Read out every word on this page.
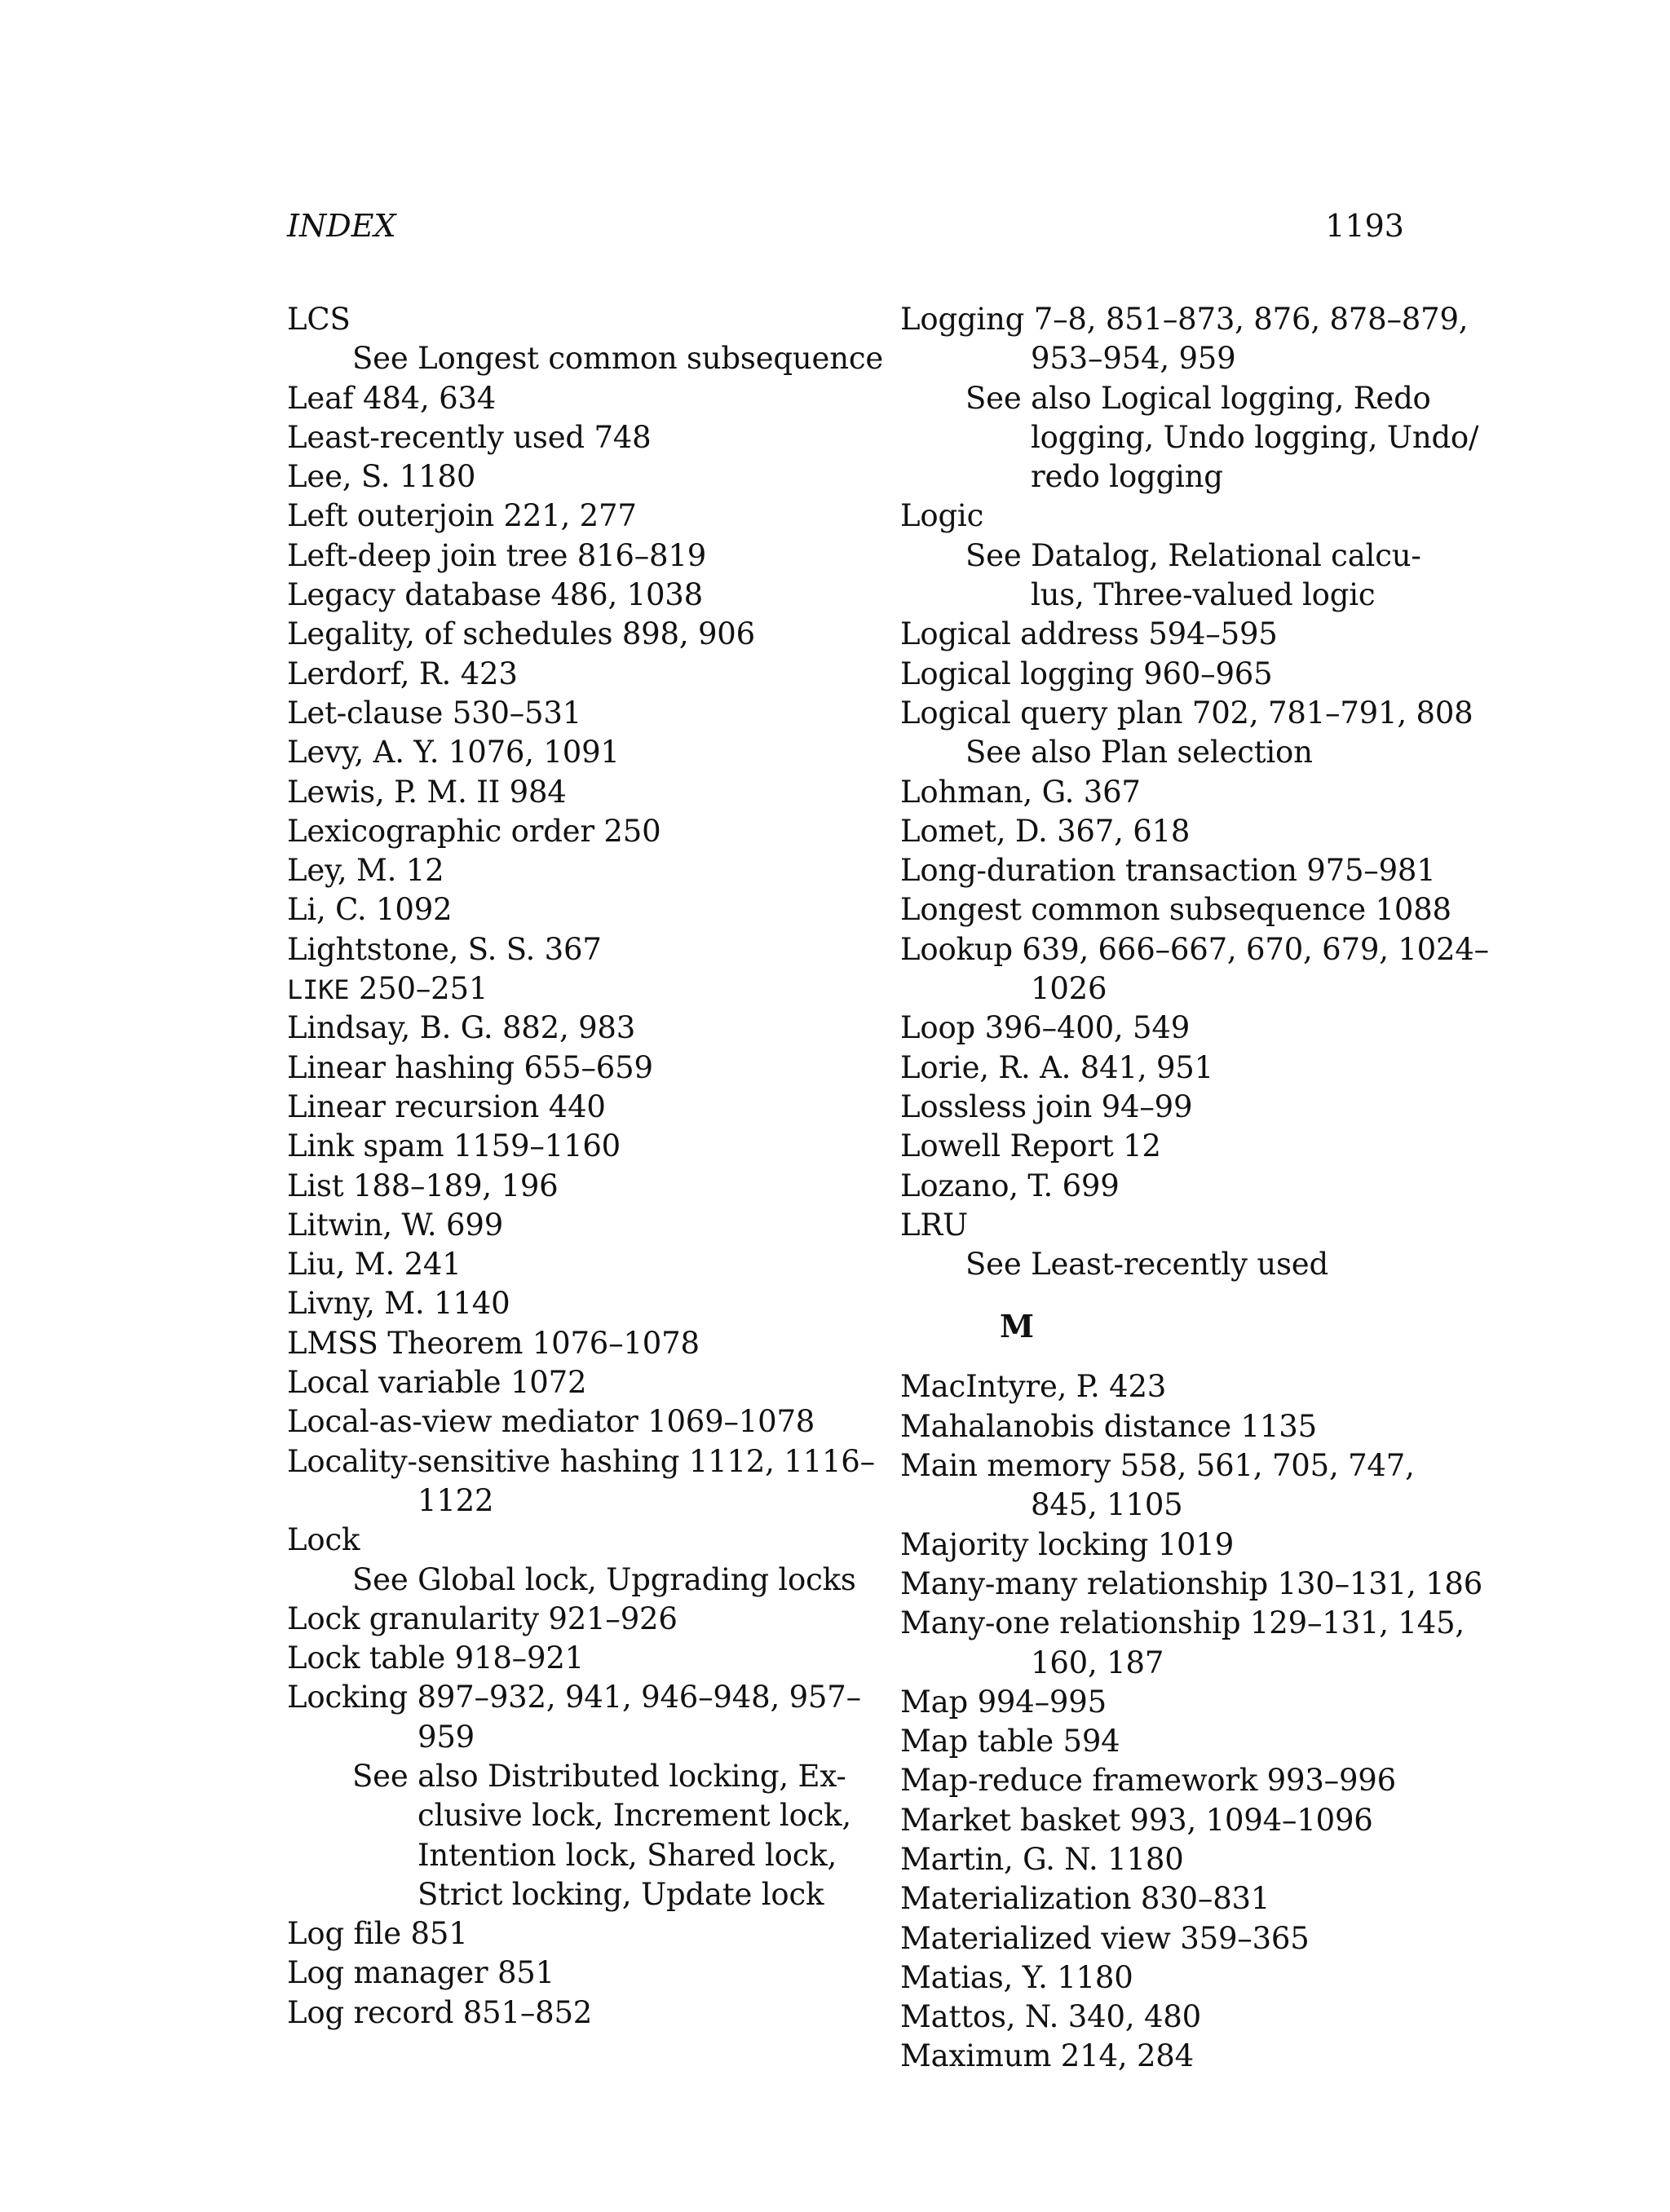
INDEX	1193
LCS
See Longest common subsequence
Leaf 484, 634
Least-recently used 748
Lee, S. 1180
Left outerjoin 221, 277
Left-deep join tree 816–819
Legacy database 486, 1038
Legality, of schedules 898, 906
Lerdorf, R. 423
Let-clause 530–531
Levy, A. Y. 1076, 1091
Lewis, P. M. II 984
Lexicographic order 250
Ley, M. 12
Li, C. 1092
Lightstone, S. S. 367
LIKE 250–251
Lindsay, B. G. 882, 983
Linear hashing 655–659
Linear recursion 440
Link spam 1159–1160
List 188–189, 196
Litwin, W. 699
Liu, M. 241
Livny, M. 1140
LMSS Theorem 1076–1078
Local variable 1072
Local-as-view mediator 1069–1078
Locality-sensitive hashing 1112, 1116–
1122
Lock
See Global lock, Upgrading locks
Lock granularity 921–926
Lock table 918–921
Locking 897–932, 941, 946–948, 957–
959
See also Distributed locking, Ex-
clusive lock, Increment lock,
Intention lock, Shared lock,
Strict locking, Update lock
Log file 851
Log manager 851
Log record 851–852
Logging 7–8, 851–873, 876, 878–879,
953–954, 959
See also Logical logging, Redo
logging, Undo logging, Undo/
redo logging
Logic
See Datalog, Relational calcu-
lus, Three-valued logic
Logical address 594–595
Logical logging 960–965
Logical query plan 702, 781–791, 808
See also Plan selection
Lohman, G. 367
Lomet, D. 367, 618
Long-duration transaction 975–981
Longest common subsequence 1088
Lookup 639, 666–667, 670, 679, 1024–
1026
Loop 396–400, 549
Lorie, R. A. 841, 951
Lossless join 94–99
Lowell Report 12
Lozano, T. 699
LRU
See Least-recently used
M
MacIntyre, P. 423
Mahalanobis distance 1135
Main memory 558, 561, 705, 747,
845, 1105
Majority locking 1019
Many-many relationship 130–131, 186
Many-one relationship 129–131, 145,
160, 187
Map 994–995
Map table 594
Map-reduce framework 993–996
Market basket 993, 1094–1096
Martin, G. N. 1180
Materialization 830–831
Materialized view 359–365
Matias, Y. 1180
Mattos, N. 340, 480
Maximum 214, 284
